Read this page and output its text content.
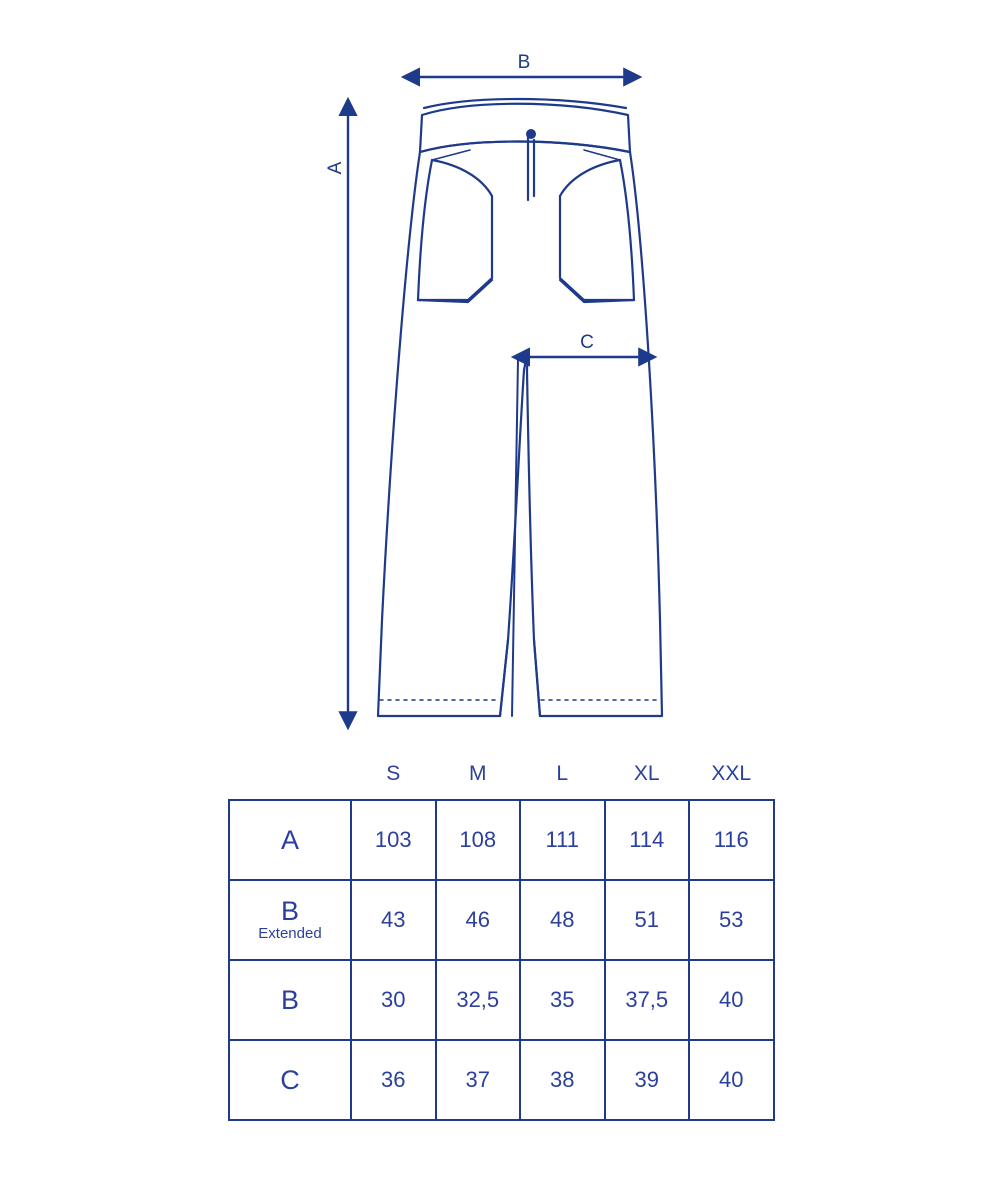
B
A
C
	S	M	L	XL	XXL
A	103	108	111	114	116
B
Extended	43	46	48	51	53
B	30	32,5	35	37,5	40
C	36	37	38	39	40
